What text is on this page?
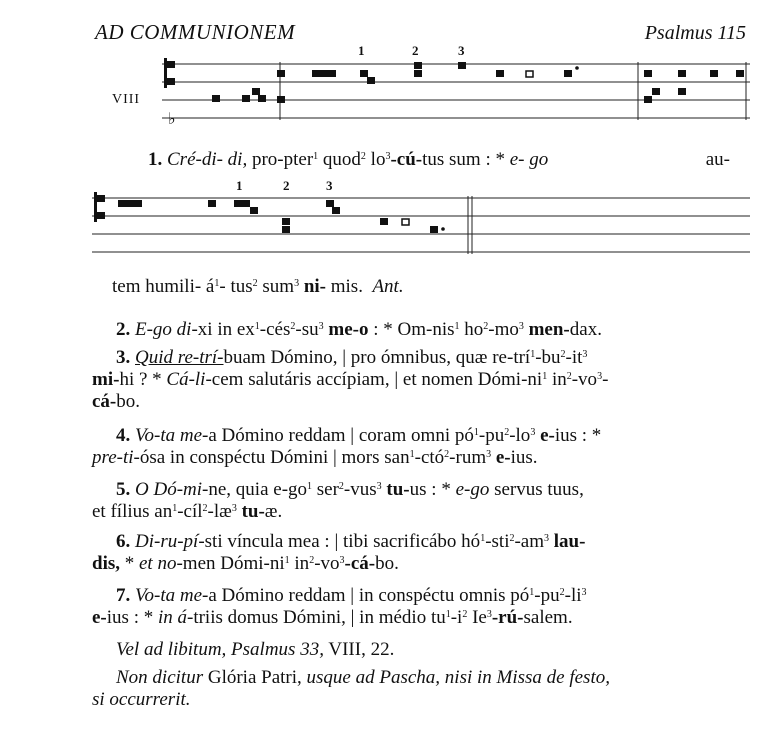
AD COMMUNIONEM	Psalmus 115
VIII
♭
1	2	3
1. Cré-di- di, pro-pter$^1$ quod$^2$ $lo^3-cú$-tus sum : * e- go	au-
1	2	3
tem humili- $á^1-$ tus$^2$ sum$^3$ ni- mis. Ant.
2. E-go di-xi in $ex^1-cés^2-su^3$ me-o : * Om-nis$^1$ $ho^2-mo^3$ men-dax.
3. Quid re-trí-buam Dómino, | pro ómnibus, quæ $re-trí^1-bu^2-it^3$
mi-hi ? * Cá-li-cem salutáris accípiam, | et nomen Dómi-$ni^1$ $in^2-vo^3-$
cá-bo.
4. Vo-ta me-a Dómino reddam | coram omni $pó^1-pu^2-lo^3$ e-ius : *
pre-ti-ósa in conspéctu Dómini | mors san$^1$-ctó$^2$-rum$^3$ e-ius.
5. O Dó-mi-ne, quia $e-go^1$ ser$^2$-vus$^3$ tu-us : * e-go servus tuus,
et fílius $an^1-cíl^2-læ^3$ tu-æ.
6. Di-ru-pí-sti víncula mea : | tibi sacrificábo $hó^1-sti^2-am^3$ lau-
dis, * et no-men Dómi-$ni^1$ $in^2-vo^3-cá-bo$.
7. Vo-ta me-a Dómino reddam | in conspéctu omnis $pó^1-pu^2-li^3$
e-ius : * in á-triis domus Dómini, | in médio $tu^1-i^2$ Ie$^3$-rú-salem.
Vel ad libitum, Psalmus 33, VIII, 22.
Non dicitur Glória Patri, usque ad Pascha, nisi in Missa de festo,
si occurrerit.
